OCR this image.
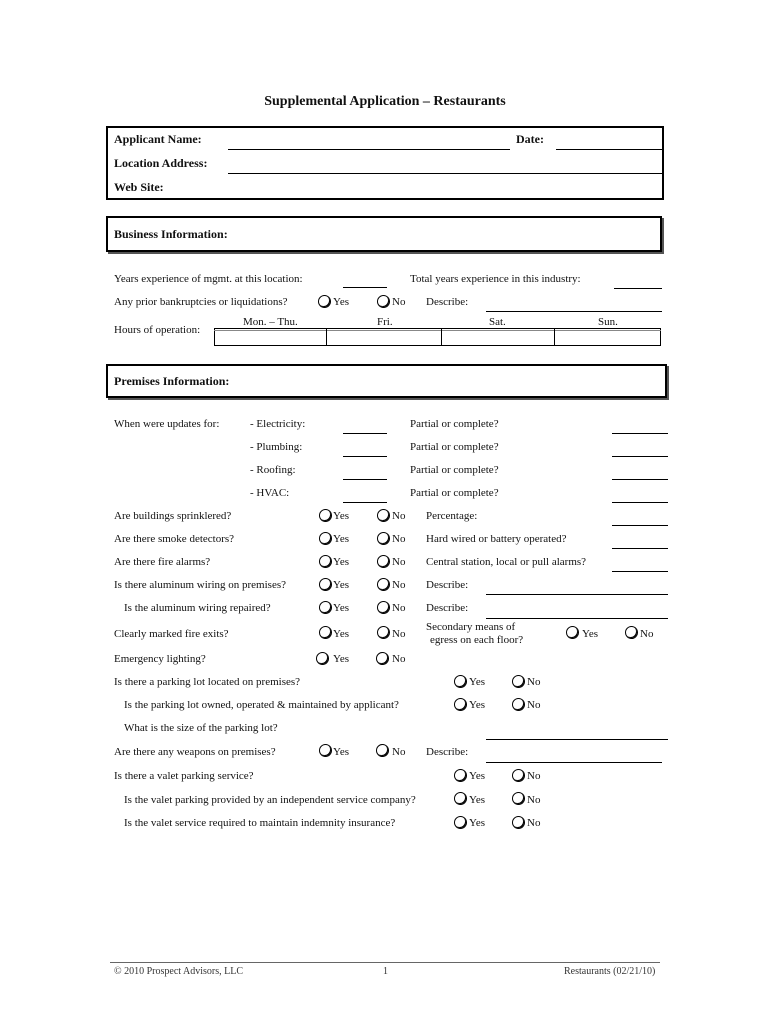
Supplemental Application – Restaurants
Applicant Name:	Date:
Location Address:
Web Site:
Business Information:
Years experience of mgmt. at this location:	Total years experience in this industry:
Any prior bankruptcies or liquidations?	Yes	No Describe:
Mon. – Thu.	Fri.	Sat.	Sun.
Hours of operation:
Premises Information:
When were updates for:	- Electricity:	Partial or complete?
- Plumbing:	Partial or complete?
- Roofing:	Partial or complete?
- HVAC:	Partial or complete?
Are buildings sprinklered?	Yes	No Percentage:
Are there smoke detectors?	Yes	No Hard wired or battery operated?
Are there fire alarms?	Yes	No Central station, local or pull alarms?
Is there aluminum wiring on premises?	Yes	No Describe:
Is the aluminum wiring repaired?	Yes	No Describe:
Clearly marked fire exits?	Yes	No
Secondary means of
egress on each floor?	Yes	No
Emergency lighting?	Yes	No
Is there a parking lot located on premises?	Yes	No
Is the parking lot owned, operated & maintained by applicant?	Yes	No
What is the size of the parking lot?
Are there any weapons on premises?	Yes	No Describe:
Is there a valet parking service?	Yes	No
Is the valet parking provided by an independent service company?	Yes	No
Is the valet service required to maintain indemnity insurance?	Yes	No
© 2010 Prospect Advisors, LLC	1	Restaurants (02/21/10)
